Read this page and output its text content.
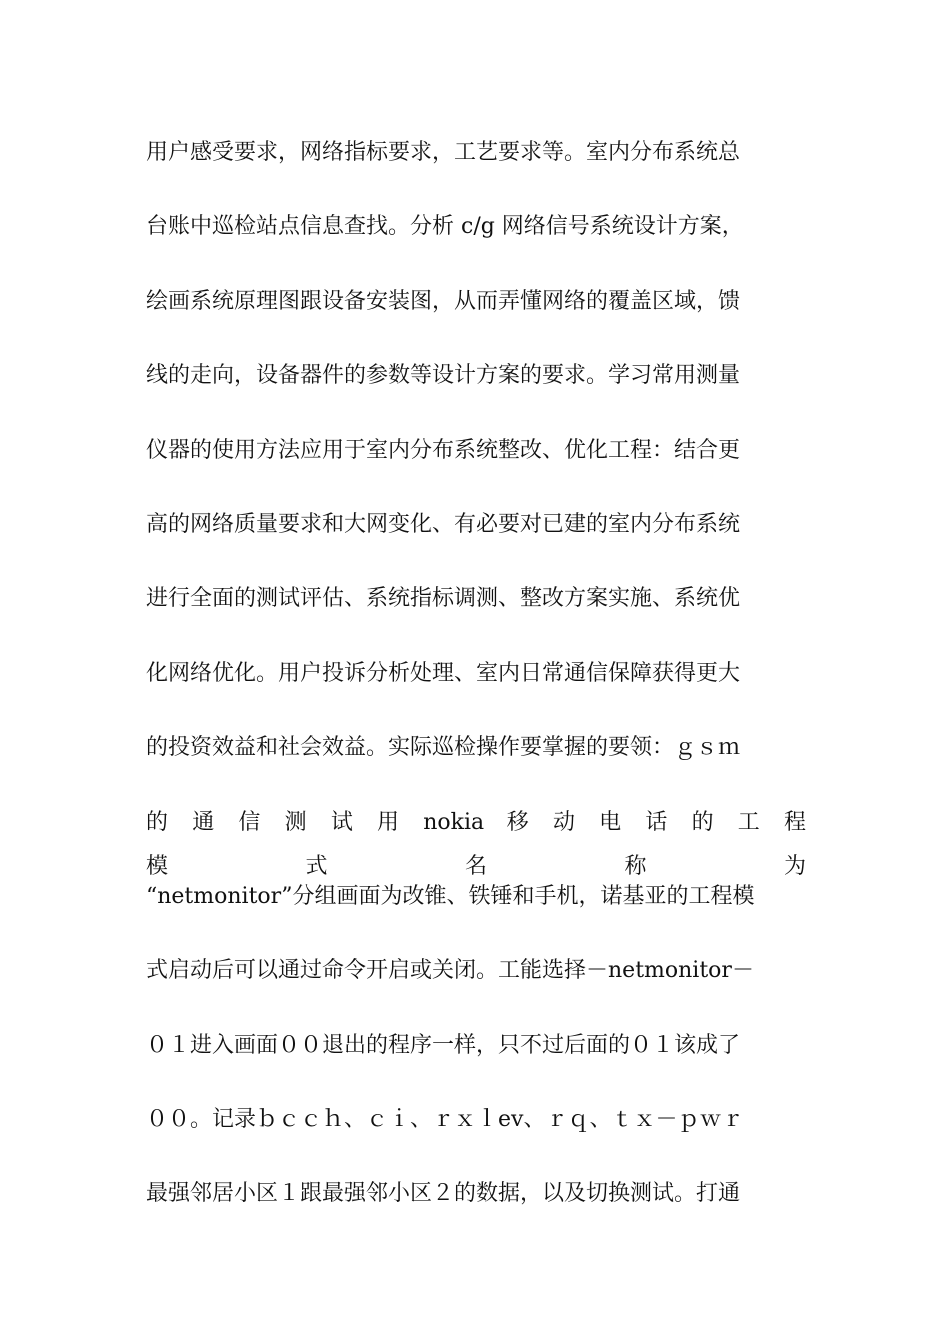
用户感受要求，网络指标要求，工艺要求等。室内分布系统总
台账中巡检站点信息查找。分析 c/g 网络信号系统设计方案，
绘画系统原理图跟设备安装图，从而弄懂网络的覆盖区域，馈
线的走向，设备器件的参数等设计方案的要求。学习常用测量
仪器的使用方法应用于室内分布系统整改、优化工程：结合更
高的网络质量要求和大网变化、有必要对已建的室内分布系统
进行全面的测试评估、系统指标调测、整改方案实施、系统优
化网络优化。用户投诉分析处理、室内日常通信保障获得更大
的投资效益和社会效益。实际巡检操作要掌握的要领：ｇｓｍ
的 通 信 测 试 用 nokia 移 动 电 话 的 工 程 模 式 名 称 为
“netmonitor”分组画面为改锥、铁锤和手机，诺基亚的工程模
式启动后可以通过命令开启或关闭。工能选择－netmonitor－
０１进入画面００退出的程序一样，只不过后面的０１该成了
００。记录ｂｃｃｈ、ｃｉ、ｒｘｌev、ｒｑ、ｔｘ－ｐｗｒ
最强邻居小区１跟最强邻小区２的数据，以及切换测试。打通
